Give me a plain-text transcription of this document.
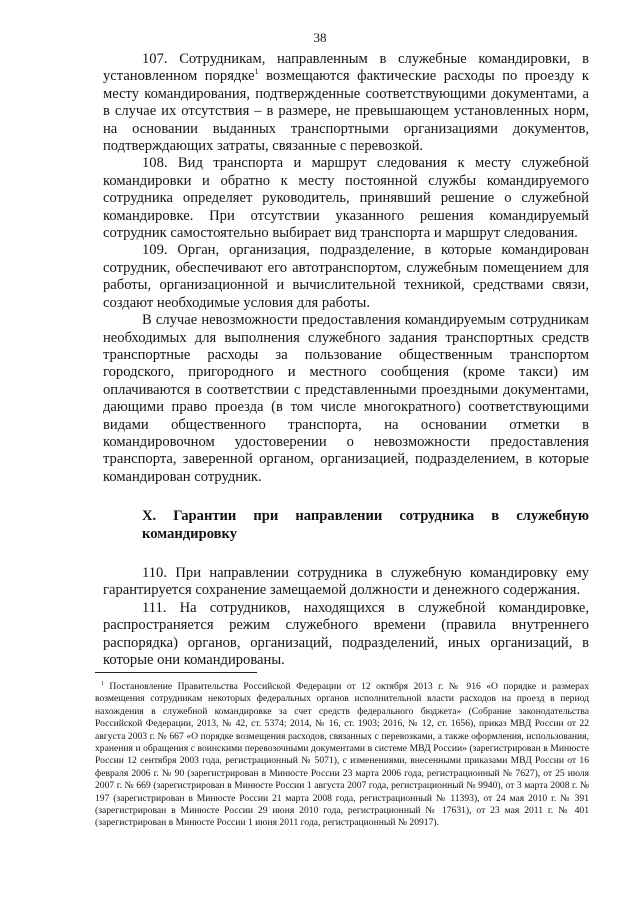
38

107. Сотрудникам, направленным в служебные командировки, в установленном порядке$^1$ возмещаются фактические расходы по проезду к месту командирования, подтвержденные соответствующими документами, а в случае их отсутствия – в размере, не превышающем установленных норм, на основании выданных транспортными организациями документов, подтверждающих затраты, связанные с перевозкой.

108. Вид транспорта и маршрут следования к месту служебной командировки и обратно к месту постоянной службы командируемого сотрудника определяет руководитель, принявший решение о служебной командировке. При отсутствии указанного решения командируемый сотрудник самостоятельно выбирает вид транспорта и маршрут следования.

109. Орган, организация, подразделение, в которые командирован сотрудник, обеспечивают его автотранспортом, служебным помещением для работы, организационной и вычислительной техникой, средствами связи, создают необходимые условия для работы.

В случае невозможности предоставления командируемым сотрудникам необходимых для выполнения служебного задания транспортных средств транспортные расходы за пользование общественным транспортом городского, пригородного и местного сообщения (кроме такси) им оплачиваются в соответствии с представленными проездными документами, дающими право проезда (в том числе многократного) соответствующими видами общественного транспорта, на основании отметки в командировочном удостоверении о невозможности предоставления транспорта, заверенной органом, организацией, подразделением, в которые командирован сотрудник.

X. Гарантии при направлении сотрудника в служебную командировку

110. При направлении сотрудника в служебную командировку ему гарантируется сохранение замещаемой должности и денежного содержания.

111. На сотрудников, находящихся в служебной командировке, распространяется режим служебного времени (правила внутреннего распорядка) органов, организаций, подразделений, иных организаций, в которые они командированы.

$^1$ Постановление Правительства Российской Федерации от 12 октября 2013 г. № 916 «О порядке и размерах возмещения сотрудникам некоторых федеральных органов исполнительной власти расходов на проезд в период нахождения в служебной командировке за счет средств федерального бюджета» (Собрание законодательства Российской Федерации, 2013, № 42, ст. 5374; 2014, № 16, ст. 1903; 2016, № 12, ст. 1656), приказ МВД России от 22 августа 2003 г. № 667 «О порядке возмещения расходов, связанных с перевозками, а также оформления, использования, хранения и обращения с воинскими перевозочными документами в системе МВД России» (зарегистрирован в Минюсте России 12 сентября 2003 года, регистрационный № 5071), с изменениями, внесенными приказами МВД России от 16 февраля 2006 г. № 90 (зарегистрирован в Минюсте России 23 марта 2006 года, регистрационный № 7627), от 25 июля 2007 г. № 669 (зарегистрирован в Минюсте России 1 августа 2007 года, регистрационный № 9940), от 3 марта 2008 г. № 197 (зарегистрирован в Минюсте России 21 марта 2008 года, регистрационный № 11393), от 24 мая 2010 г. № 391 (зарегистрирован в Минюсте России 29 июня 2010 года, регистрационный № 17631), от 23 мая 2011 г. № 401 (зарегистрирован в Минюсте России 1 июня 2011 года, регистрационный № 20917).
